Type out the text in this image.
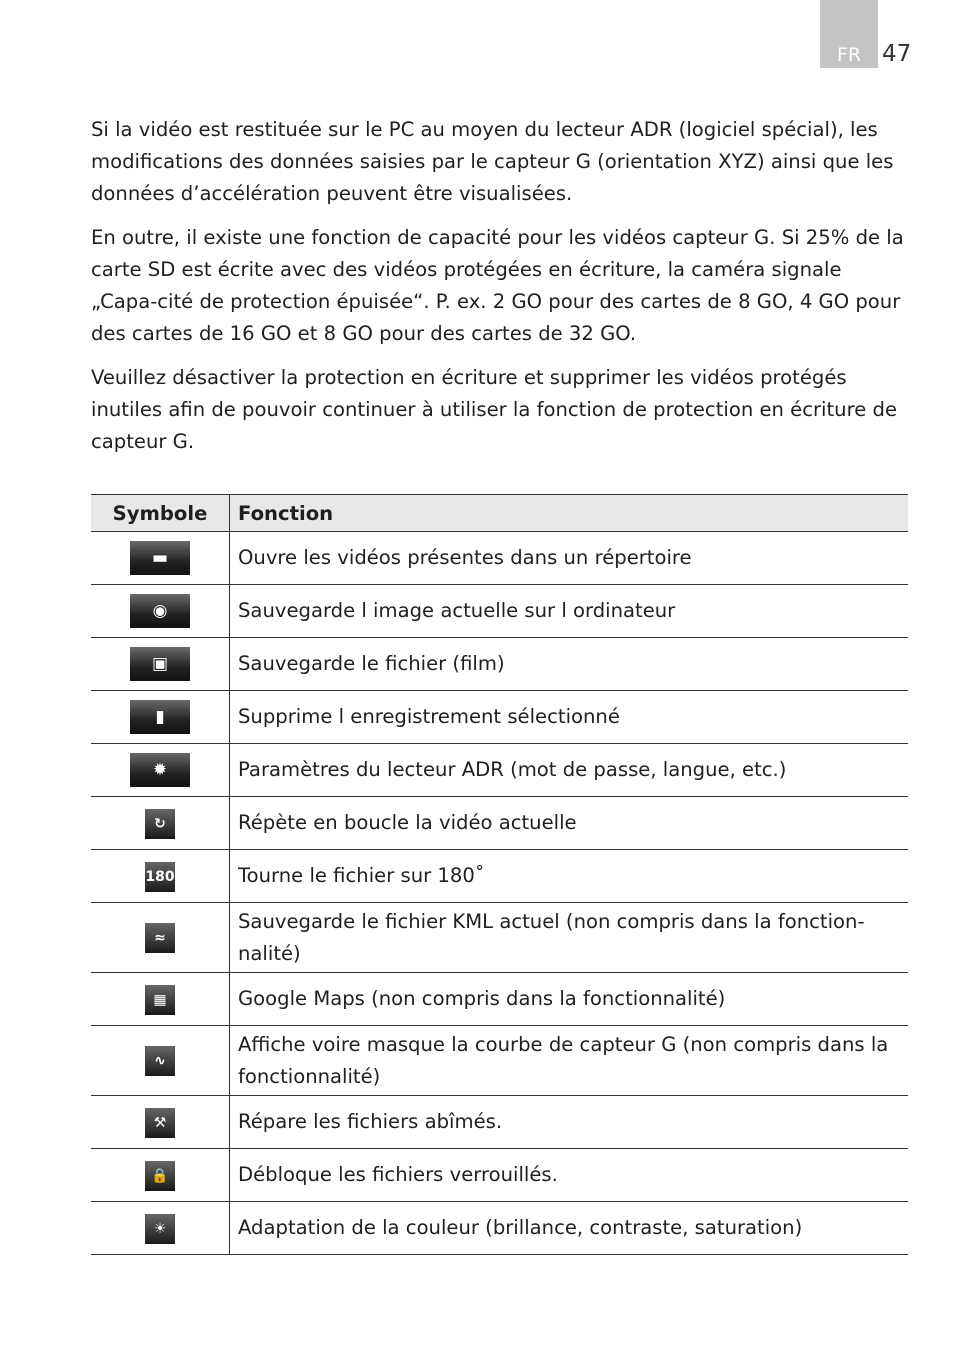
FR 47

Si la vidéo est restituée sur le PC au moyen du lecteur ADR (logiciel spécial), les modifications des données saisies par le capteur G (orientation XYZ) ainsi que les données d’accélération peuvent être visualisées.

En outre, il existe une fonction de capacité pour les vidéos capteur G. Si 25% de la carte SD est écrite avec des vidéos protégées en écriture, la caméra signale „Capa-cité de protection épuisée“. P. ex. 2 GO pour des cartes de 8 GO, 4 GO pour des cartes de 16 GO et 8 GO pour des cartes de 32 GO.

Veuillez désactiver la protection en écriture et supprimer les vidéos protégés inutiles afin de pouvoir continuer à utiliser la fonction de protection en écriture de capteur G.

Symbole	Fonction
▬	Ouvre les vidéos présentes dans un répertoire
◉	Sauvegarde l image actuelle sur l ordinateur
▣	Sauvegarde le fichier (film)
▮	Supprime l enregistrement sélectionné
✹	Paramètres du lecteur ADR (mot de passe, langue, etc.)
↻	Répète en boucle la vidéo actuelle
180	Tourne le fichier sur 180˚
≈	Sauvegarde le fichier KML actuel (non compris dans la fonction-nalité)
▦	Google Maps (non compris dans la fonctionnalité)
∿	Affiche voire masque la courbe de capteur G (non compris dans la fonctionnalité)
⚒	Répare les fichiers abîmés.
🔒	Débloque les fichiers verrouillés.
☀	Adaptation de la couleur (brillance, contraste, saturation)
